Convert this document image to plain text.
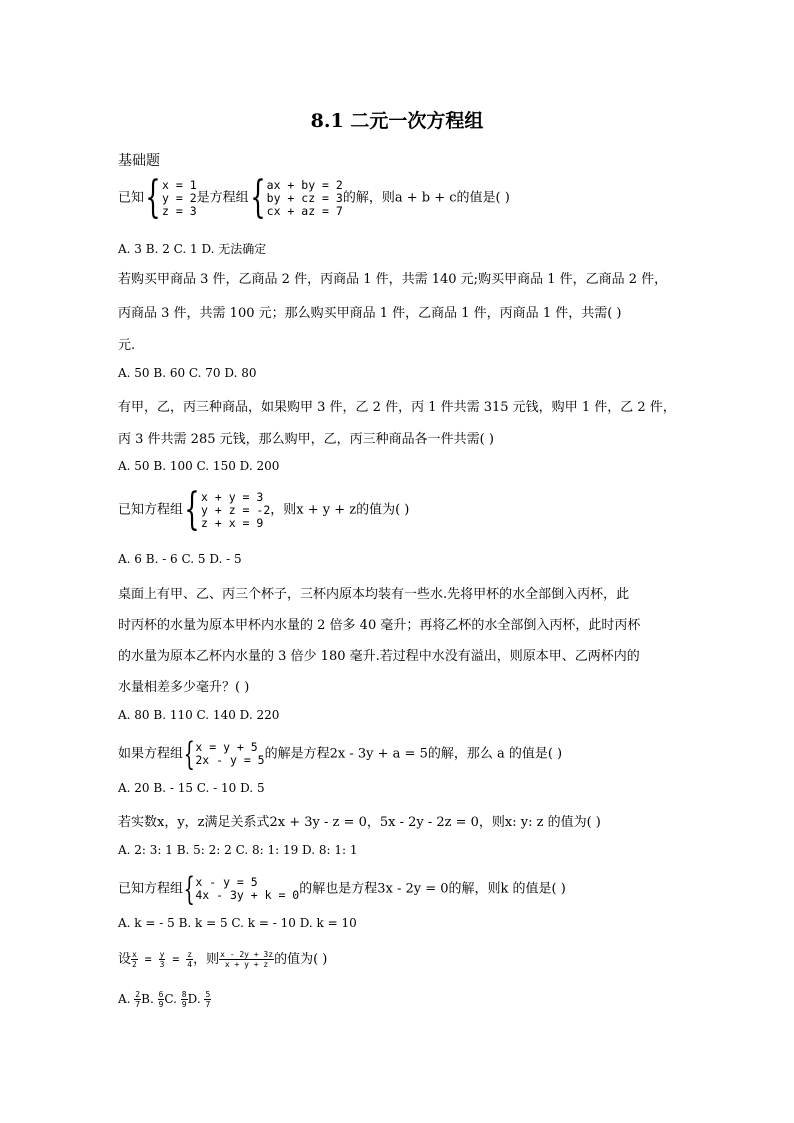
8.1 二元一次方程组
基础题
已知 { x = 1
y = 2
z = 3
是方程组 { ax + by = 2
by + cz = 3
cx + az = 7
的解，则a + b + c的值是( )
A. 3 B. 2 C. 1 D. 无法确定
若购买甲商品 3 件，乙商品 2 件，丙商品 1 件，共需 140 元;购买甲商品 1 件，乙商品 2 件，
丙商品 3 件，共需 100 元；那么购买甲商品 1 件，乙商品 1 件，丙商品 1 件，共需( )
元.
A. 50 B. 60 C. 70 D. 80
有甲，乙，丙三种商品，如果购甲 3 件，乙 2 件，丙 1 件共需 315 元钱，购甲 1 件，乙 2 件，
丙 3 件共需 285 元钱，那么购甲，乙，丙三种商品各一件共需( )
A. 50 B. 100 C. 150 D. 200
已知方程组 { x + y = 3
y + z = -2
z + x = 9
，则x + y + z的值为( )
A. 6 B. - 6 C. 5 D. - 5
桌面上有甲、乙、丙三个杯子，三杯内原本均装有一些水.先将甲杯的水全部倒入丙杯，此
时丙杯的水量为原本甲杯内水量的 2 倍多 40 毫升；再将乙杯的水全部倒入丙杯，此时丙杯
的水量为原本乙杯内水量的 3 倍少 180 毫升.若过程中水没有溢出，则原本甲、乙两杯内的
水量相差多少毫升？( )
A. 80 B. 110 C. 140 D. 220
如果方程组 { x = y + 5
2x - y = 5 的解是方程2x - 3y + a = 5的解，那么 a 的值是( )
A. 20 B. - 15 C. - 10 D. 5
若实数x，y，z满足关系式2x + 3y - z = 0，5x - 2y - 2z = 0，则x: y: z 的值为( )
A. 2: 3: 1 B. 5: 2: 2 C. 8: 1: 19 D. 8: 1: 1
已知方程组 { x - y = 5
4x - 3y + k = 0 的解也是方程3x - 2y = 0的解，则k 的值是( )
A. k = - 5 B. k = 5 C. k = - 10 D. k = 10
设 $\frac{x}{2} = \frac{y}{3} = \frac{z}{4}$ ，则 $\frac{x - 2y + 3z}{x + y + z}$ 的值为( )
A. $\frac{2}{7} B$. $\frac{6}{9} C$. $\frac{8}{9} D$. $\frac{5}{7}$
